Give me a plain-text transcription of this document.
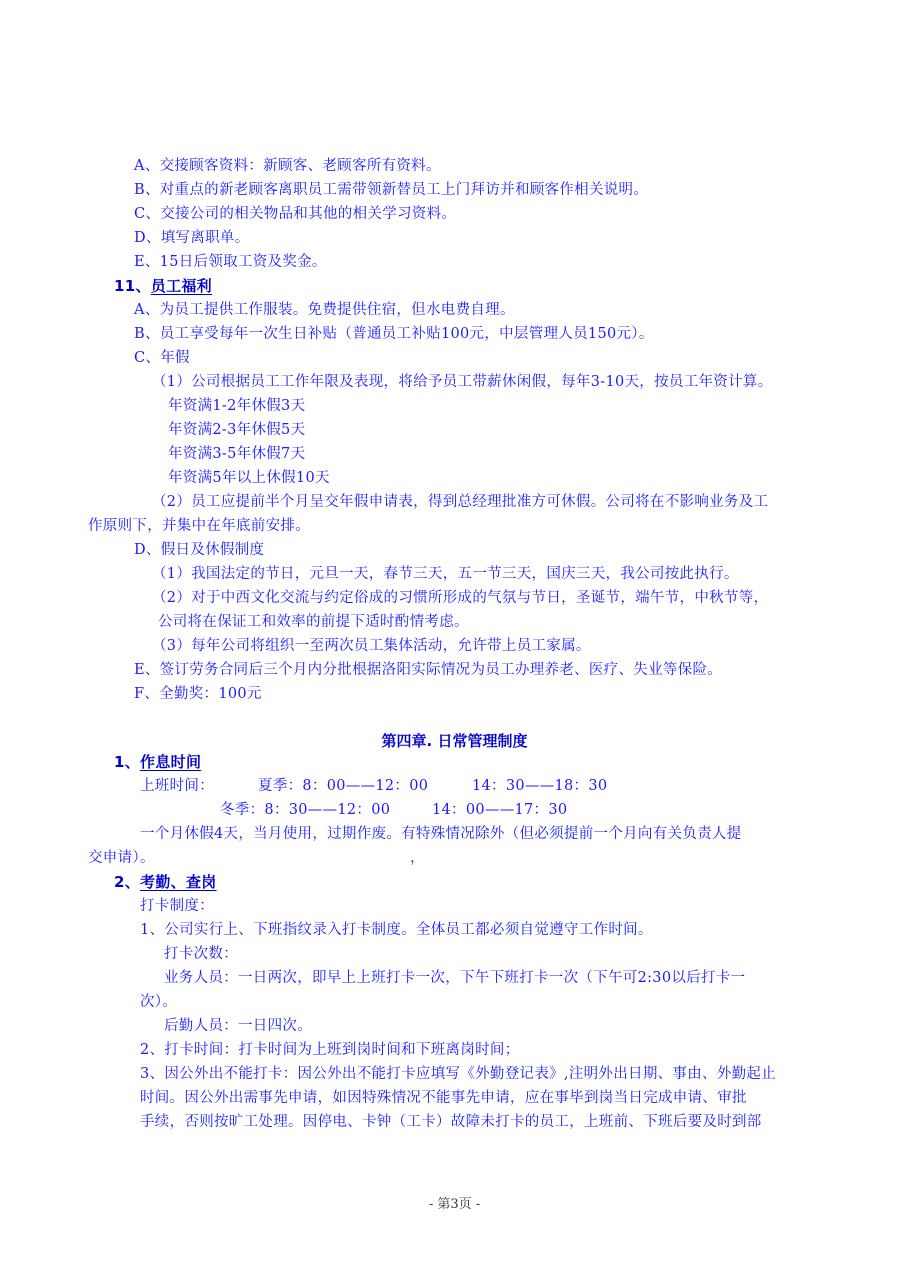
A、交接顾客资料：新顾客、老顾客所有资料。
B、对重点的新老顾客离职员工需带领新替员工上门拜访并和顾客作相关说明。
C、交接公司的相关物品和其他的相关学习资料。
D、填写离职单。
E、15日后领取工资及奖金。
11、员工福利
A、为员工提供工作服装。免费提供住宿，但水电费自理。
B、员工享受每年一次生日补贴（普通员工补贴100元，中层管理人员150元）。
C、年假
（1）公司根据员工工作年限及表现，将给予员工带薪休闲假，每年3-10天，按员工年资计算。
年资满1-2年休假3天
年资满2-3年休假5天
年资满3-5年休假7天
年资满5年以上休假10天
（2）员工应提前半个月呈交年假申请表，得到总经理批准方可休假。公司将在不影响业务及工
作原则下，并集中在年底前安排。
D、假日及休假制度
（1）我国法定的节日，元旦一天，春节三天，五一节三天，国庆三天，我公司按此执行。
（2）对于中西文化交流与约定俗成的习惯所形成的气氛与节日，圣诞节，端午节，中秋节等，
公司将在保证工和效率的前提下适时酌情考虑。
（3）每年公司将组织一至两次员工集体活动，允许带上员工家属。
E、签订劳务合同后三个月内分批根据洛阳实际情况为员工办理养老、医疗、失业等保险。
F、全勤奖：100元
第四章. 日常管理制度
1、作息时间
上班时间：	夏季：8：00——12：00	14：30——18：30
冬季：8：30——12：00	14：00——17：30
一个月休假4天，当月使用，过期作废。有特殊情况除外（但必须提前一个月向有关负责人提
交申请）。	，
2、考勤、查岗
打卡制度：
1、公司实行上、下班指纹录入打卡制度。全体员工都必须自觉遵守工作时间。
打卡次数：
业务人员：一日两次，即早上上班打卡一次，下午下班打卡一次（下午可2:30以后打卡一
次）。
后勤人员：一日四次。
2、打卡时间：打卡时间为上班到岗时间和下班离岗时间；
3、因公外出不能打卡：因公外出不能打卡应填写《外勤登记表》,注明外出日期、事由、外勤起止
时间。因公外出需事先申请，如因特殊情况不能事先申请，应在事毕到岗当日完成申请、审批
手续，否则按旷工处理。因停电、卡钟（工卡）故障未打卡的员工，上班前、下班后要及时到部
- 第3页 -
